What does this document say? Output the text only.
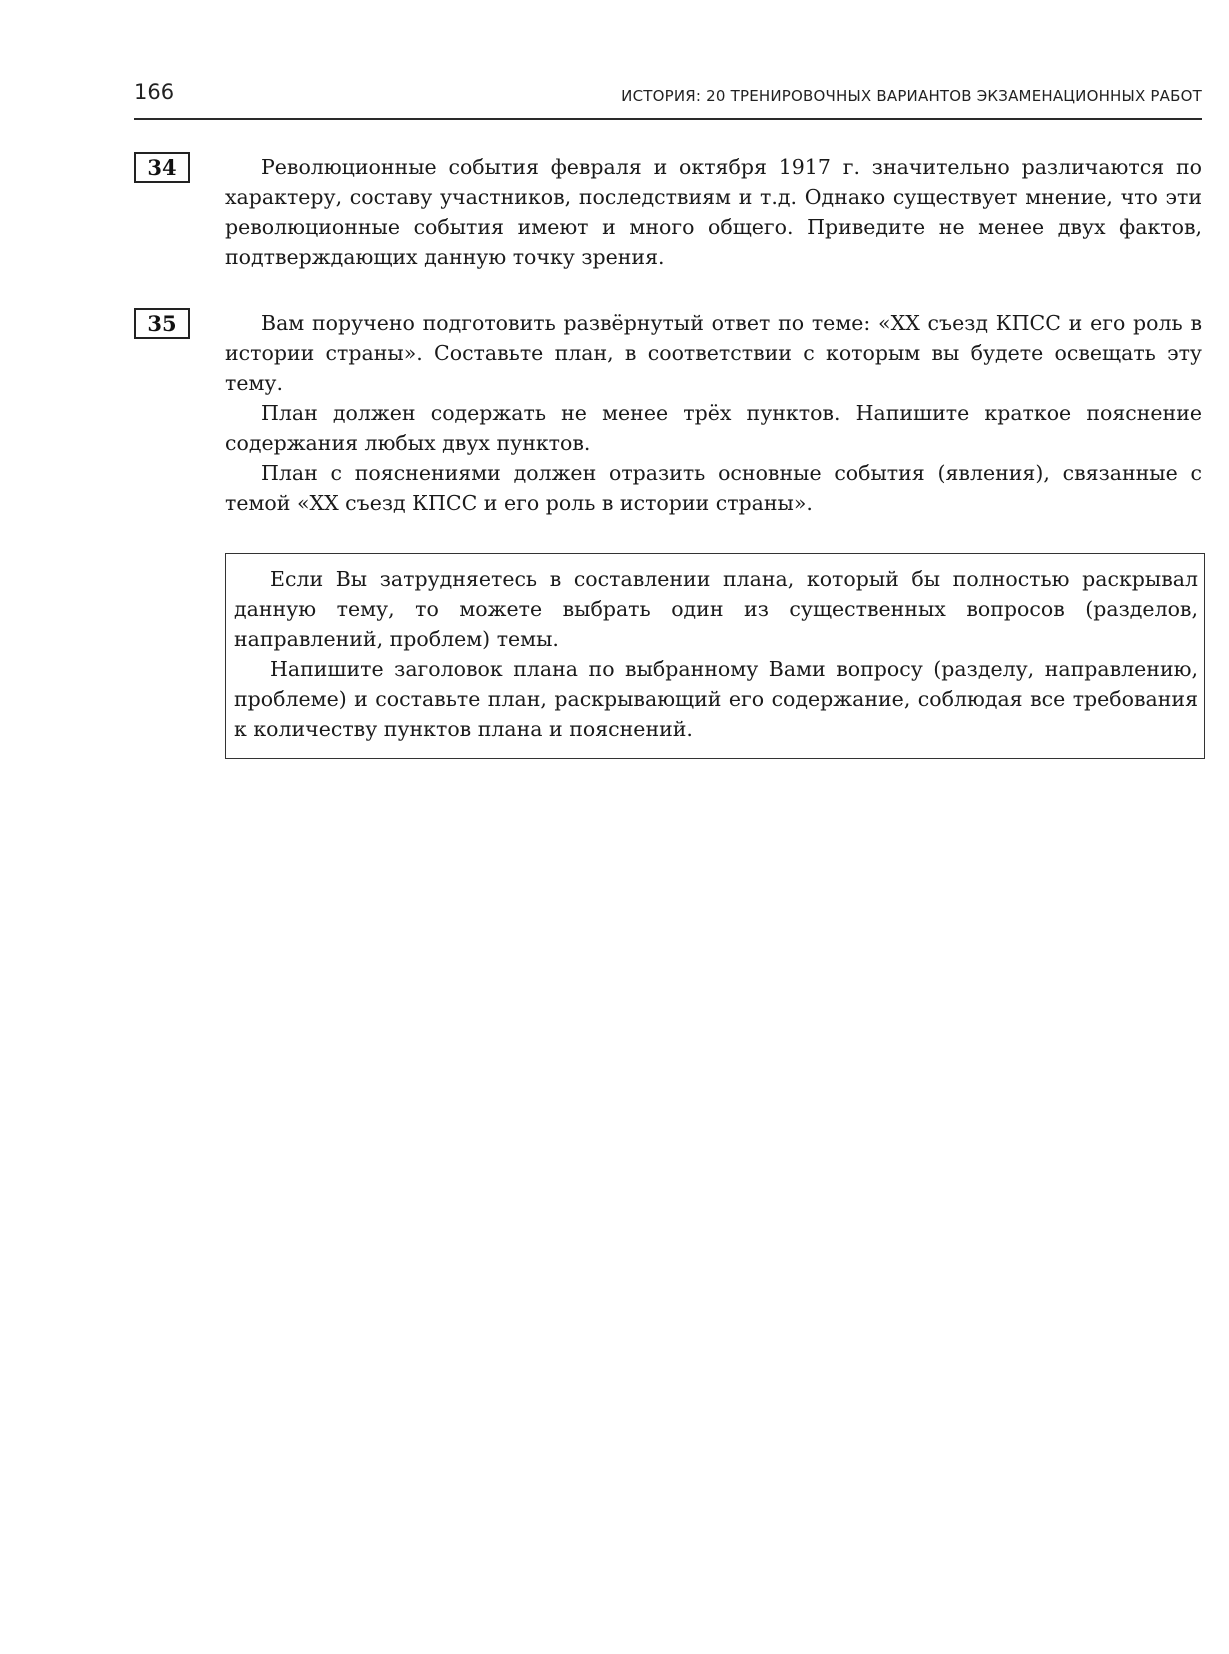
166	ИСТОРИЯ: 20 ТРЕНИРОВОЧНЫХ ВАРИАНТОВ ЭКЗАМЕНАЦИОННЫХ РАБОТ
34	Революционные события февраля и октября 1917 г. значительно различаются по характеру, составу участников, последствиям и т.д. Однако существует мнение, что эти революционные события имеют и много общего. Приведите не менее двух фактов, подтверждающих данную точку зрения.

35	Вам поручено подготовить развёрнутый ответ по теме: «XX съезд КПСС и его роль в истории страны». Составьте план, в соответствии с которым вы будете освещать эту тему.

План должен содержать не менее трёх пунктов. Напишите краткое пояснение содержания любых двух пунктов.

План с пояснениями должен отразить основные события (явления), связанные с темой «XX съезд КПСС и его роль в истории страны».

Если Вы затрудняетесь в составлении плана, который бы полностью раскрывал данную тему, то можете выбрать один из существенных вопросов (разделов, направлений, проблем) темы.

Напишите заголовок плана по выбранному Вами вопросу (разделу, направлению, проблеме) и составьте план, раскрывающий его содержание, соблюдая все требования к количеству пунктов плана и пояснений.
